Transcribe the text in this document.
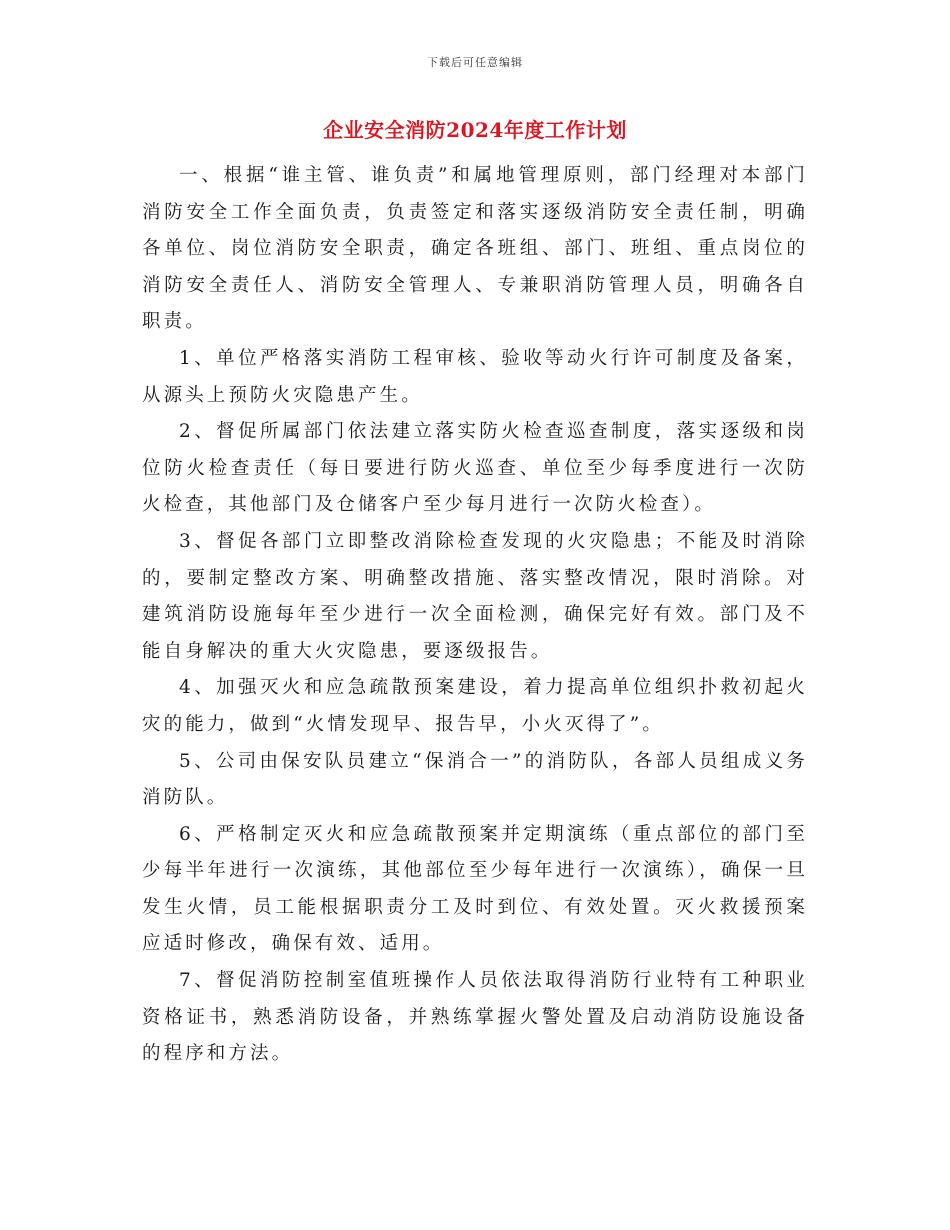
下载后可任意编辑
企业安全消防2024年度工作计划

一、根据“谁主管、谁负责”和属地管理原则，部门经理对本部门消防安全工作全面负责，负责签定和落实逐级消防安全责任制，明确各单位、岗位消防安全职责，确定各班组、部门、班组、重点岗位的消防安全责任人、消防安全管理人、专兼职消防管理人员，明确各自职责。

1、单位严格落实消防工程审核、验收等动火行许可制度及备案，从源头上预防火灾隐患产生。

2、督促所属部门依法建立落实防火检查巡查制度，落实逐级和岗位防火检查责任（每日要进行防火巡查、单位至少每季度进行一次防火检查，其他部门及仓储客户至少每月进行一次防火检查）。

3、督促各部门立即整改消除检查发现的火灾隐患；不能及时消除的，要制定整改方案、明确整改措施、落实整改情况，限时消除。对建筑消防设施每年至少进行一次全面检测，确保完好有效。部门及不能自身解决的重大火灾隐患，要逐级报告。

4、加强灭火和应急疏散预案建设，着力提高单位组织扑救初起火灾的能力，做到“火情发现早、报告早，小火灭得了”。

5、公司由保安队员建立“保消合一”的消防队，各部人员组成义务消防队。

6、严格制定灭火和应急疏散预案并定期演练（重点部位的部门至少每半年进行一次演练，其他部位至少每年进行一次演练），确保一旦发生火情，员工能根据职责分工及时到位、有效处置。灭火救援预案应适时修改，确保有效、适用。

7、督促消防控制室值班操作人员依法取得消防行业特有工种职业资格证书，熟悉消防设备，并熟练掌握火警处置及启动消防设施设备的程序和方法。
